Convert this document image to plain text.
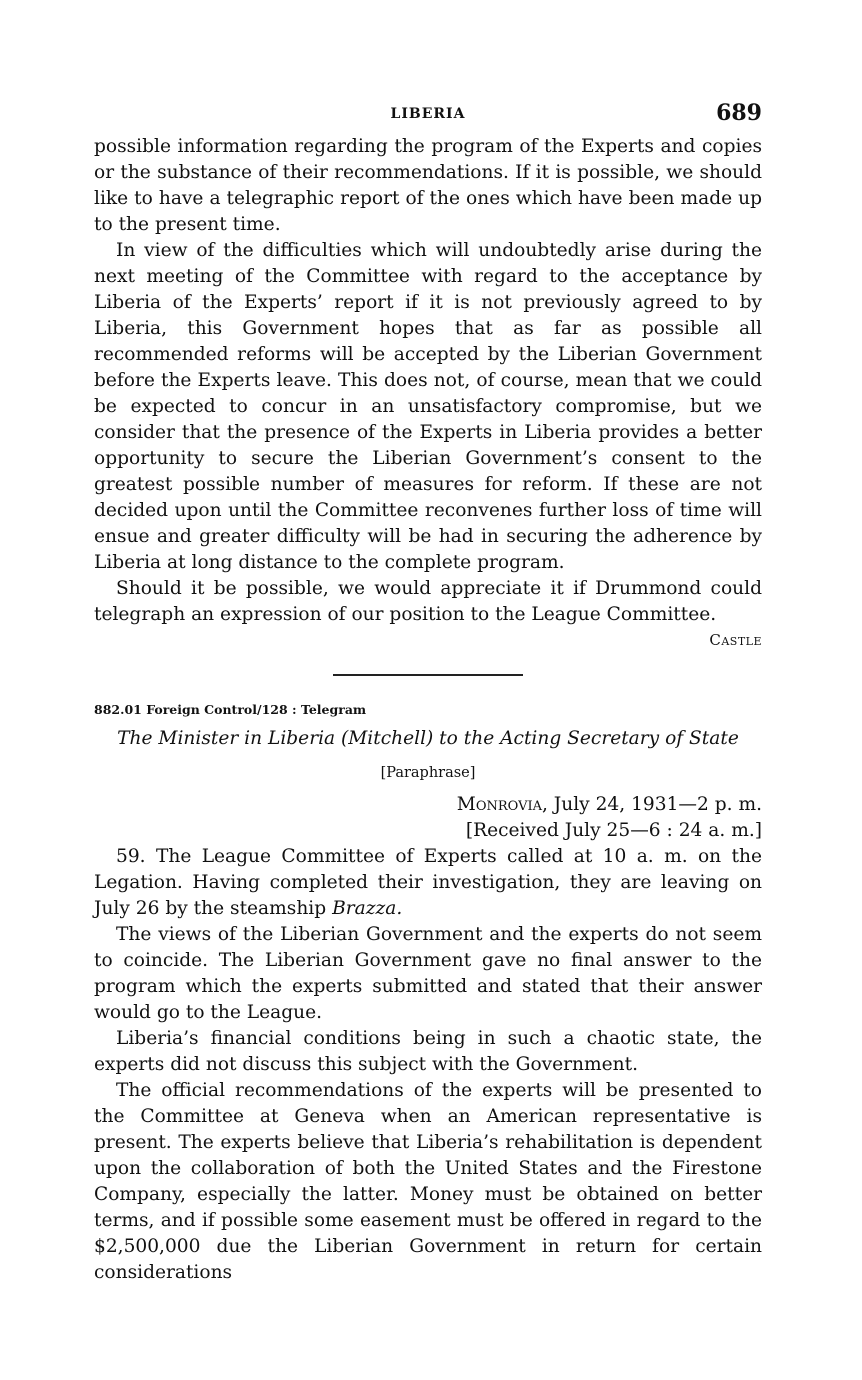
LIBERIA	689

possible information regarding the program of the Experts and copies or the substance of their recommendations. If it is possible, we should like to have a telegraphic report of the ones which have been made up to the present time.

In view of the difficulties which will undoubtedly arise during the next meeting of the Committee with regard to the acceptance by Liberia of the Experts’ report if it is not previously agreed to by Liberia, this Government hopes that as far as possible all recommended reforms will be accepted by the Liberian Government before the Experts leave. This does not, of course, mean that we could be expected to concur in an unsatisfactory compromise, but we consider that the presence of the Experts in Liberia provides a better opportunity to secure the Liberian Government’s consent to the greatest possible number of measures for reform. If these are not decided upon until the Committee reconvenes further loss of time will ensue and greater difficulty will be had in securing the adherence by Liberia at long distance to the complete program.

Should it be possible, we would appreciate it if Drummond could telegraph an expression of our position to the League Committee.

Castle
882.01 Foreign Control/128 : Telegram
The Minister in Liberia (Mitchell) to the Acting Secretary of State
[Paraphrase]
Monrovia, July 24, 1931—2 p. m.
[Received July 25—6 : 24 a. m.]

59. The League Committee of Experts called at 10 a. m. on the Legation. Having completed their investigation, they are leaving on July 26 by the steamship Brazza.

The views of the Liberian Government and the experts do not seem to coincide. The Liberian Government gave no final answer to the program which the experts submitted and stated that their answer would go to the League.

Liberia’s financial conditions being in such a chaotic state, the experts did not discuss this subject with the Government.

The official recommendations of the experts will be presented to the Committee at Geneva when an American representative is present. The experts believe that Liberia’s rehabilitation is dependent upon the collaboration of both the United States and the Firestone Company, especially the latter. Money must be obtained on better terms, and if possible some easement must be offered in regard to the $2,500,000 due the Liberian Government in return for certain considerations
